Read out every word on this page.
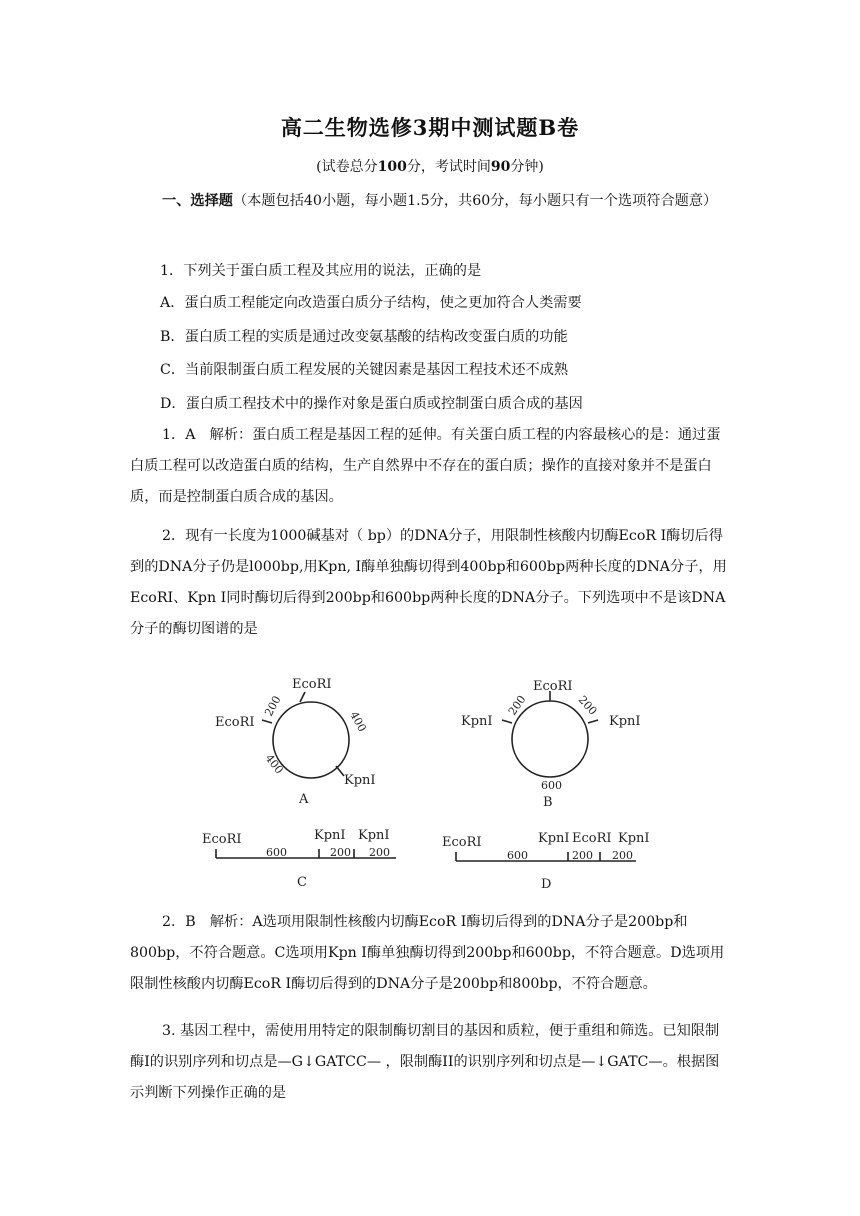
高二生物选修3期中测试题B卷
(试卷总分100分，考试时间90分钟)
一、选择题（本题包括40小题，每小题1.5分，共60分，每小题只有一个选项符合题意）
1．下列关于蛋白质工程及其应用的说法，正确的是
A．蛋白质工程能定向改造蛋白质分子结构，使之更加符合人类需要
B．蛋白质工程的实质是通过改变氨基酸的结构改变蛋白质的功能
C．当前限制蛋白质工程发展的关键因素是基因工程技术还不成熟
D．蛋白质工程技术中的操作对象是蛋白质或控制蛋白质合成的基因
1．A　解析：蛋白质工程是基因工程的延伸。有关蛋白质工程的内容最核心的是：通过蛋白质工程可以改造蛋白质的结构，生产自然界中不存在的蛋白质；操作的直接对象并不是蛋白质，而是控制蛋白质合成的基因。
2．现有一长度为1000碱基对（ bp）的DNA分子，用限制性核酸内切酶EcoR I酶切后得到的DNA分子仍是l000bp,用Kpn, I酶单独酶切得到400bp和600bp两种长度的DNA分子，用EcoRI、Kpn I同时酶切后得到200bp和600bp两种长度的DNA分子。下列选项中不是该DNA分子的酶切图谱的是
EcoRI
EcoRI
KpnI
200
400
400
A
EcoRI
KpnI	KpnI
200	200
600
B
EcoRI	KpnI KpnI
600	200 200
C
EcoRI	KpnI EcoRI KpnI
600	200 200
D
2．B　解析：A选项用限制性核酸内切酶EcoR I酶切后得到的DNA分子是200bp和800bp，不符合题意。C选项用Kpn I酶单独酶切得到200bp和600bp，不符合题意。D选项用限制性核酸内切酶EcoR I酶切后得到的DNA分子是200bp和800bp，不符合题意。
3. 基因工程中，需使用用特定的限制酶切割目的基因和质粒，便于重组和筛选。已知限制酶I的识别序列和切点是—G↓GATCC— ，限制酶II的识别序列和切点是—↓GATC—。根据图示判断下列操作正确的是
